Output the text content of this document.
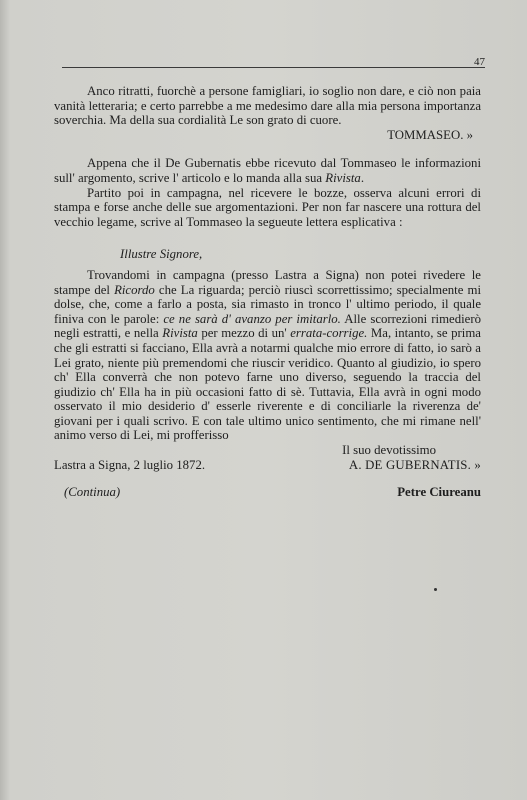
47

Anco ritratti, fuorchè a persone famigliari, io soglio non dare, e ciò non paia vanità letteraria; e certo parrebbe a me medesimo dare alla mia persona importanza soverchia. Ma della sua cordialità Le son grato di cuore.

TOMMASEO. »

Appena che il De Gubernatis ebbe ricevuto dal Tommaseo le informazioni sull' argomento, scrive l' articolo e lo manda alla sua Rivista.

Partito poi in campagna, nel ricevere le bozze, osserva alcuni errori di stampa e forse anche delle sue argomentazioni. Per non far nascere una rottura del vecchio legame, scrive al Tommaseo la segueute lettera esplicativa :

Illustre Signore,

Trovandomi in campagna (presso Lastra a Signa) non potei rivedere le stampe del Ricordo che La riguarda; perciò riuscì scorrettissimo; specialmente mi dolse, che, come a farlo a posta, sia rimasto in tronco l' ultimo periodo, il quale finiva con le parole: ce ne sarà d' avanzo per imitarlo. Alle scorrezioni rimedierò negli estratti, e nella Rivista per mezzo di un' errata-corrige. Ma, intanto, se prima che gli estratti si facciano, Ella avrà a notarmi qualche mio errore di fatto, io sarò a Lei grato, niente più premendomi che riuscir veridico. Quanto al giudizio, io spero ch' Ella converrà che non potevo farne uno diverso, seguendo la traccia del giudizio ch' Ella ha in più occasioni fatto di sè. Tuttavia, Ella avrà in ogni modo osservato il mio desiderio d' esserle riverente e di conciliarle la riverenza de' giovani per i quali scrivo. E con tale ultimo unico sentimento, che mi rimane nell' animo verso di Lei, mi profferisso

Il suo devotissimo

Lastra a Signa, 2 luglio 1872.	A. DE GUBERNATIS. »
(Continua)	Petre Ciureanu
